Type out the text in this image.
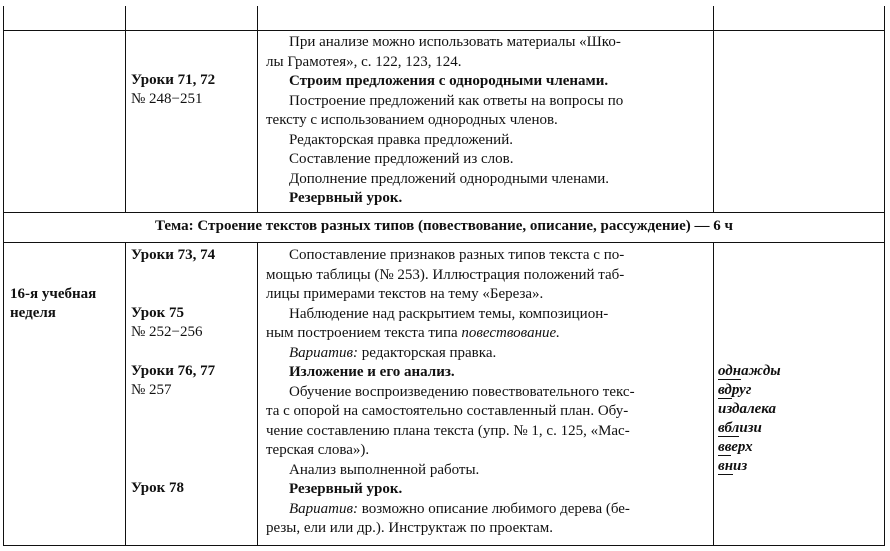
Уроки 71, 72
№ 248−251
При анализе можно использовать материалы «Шко-
лы Грамотея», с. 122, 123, 124.
Строим предложения с однородными членами.
Построение предложений как ответы на вопросы по
тексту с использованием однородных членов.
Редакторская правка предложений.
Составление предложений из слов.
Дополнение предложений однородными членами.
Резервный урок.
Тема: Строение текстов разных типов (повествование, описание, рассуждение) — 6 ч
16-я учебная
неделя
Уроки 73, 74
Урок 75
№ 252−256
Уроки 76, 77
№ 257
Урок 78
Сопоставление признаков разных типов текста с по-
мощью таблицы (№ 253). Иллюстрация положений таб-
лицы примерами текстов на тему «Береза».
Наблюдение над раскрытием темы, композицион-
ным построением текста типа повествование.
Вариатив: редакторская правка.
Изложение и его анализ.
Обучение воспроизведению повествовательного текс-
та с опорой на самостоятельно составленный план. Обу-
чение составлению плана текста (упр. № 1, с. 125, «Мас-
терская слова»).
Анализ выполненной работы.
Резервный урок.
Вариатив: возможно описание любимого дерева (бе-
резы, ели или др.). Инструктаж по проектам.
однажды
вдруг
издалека
вблизи
вверх
вниз
